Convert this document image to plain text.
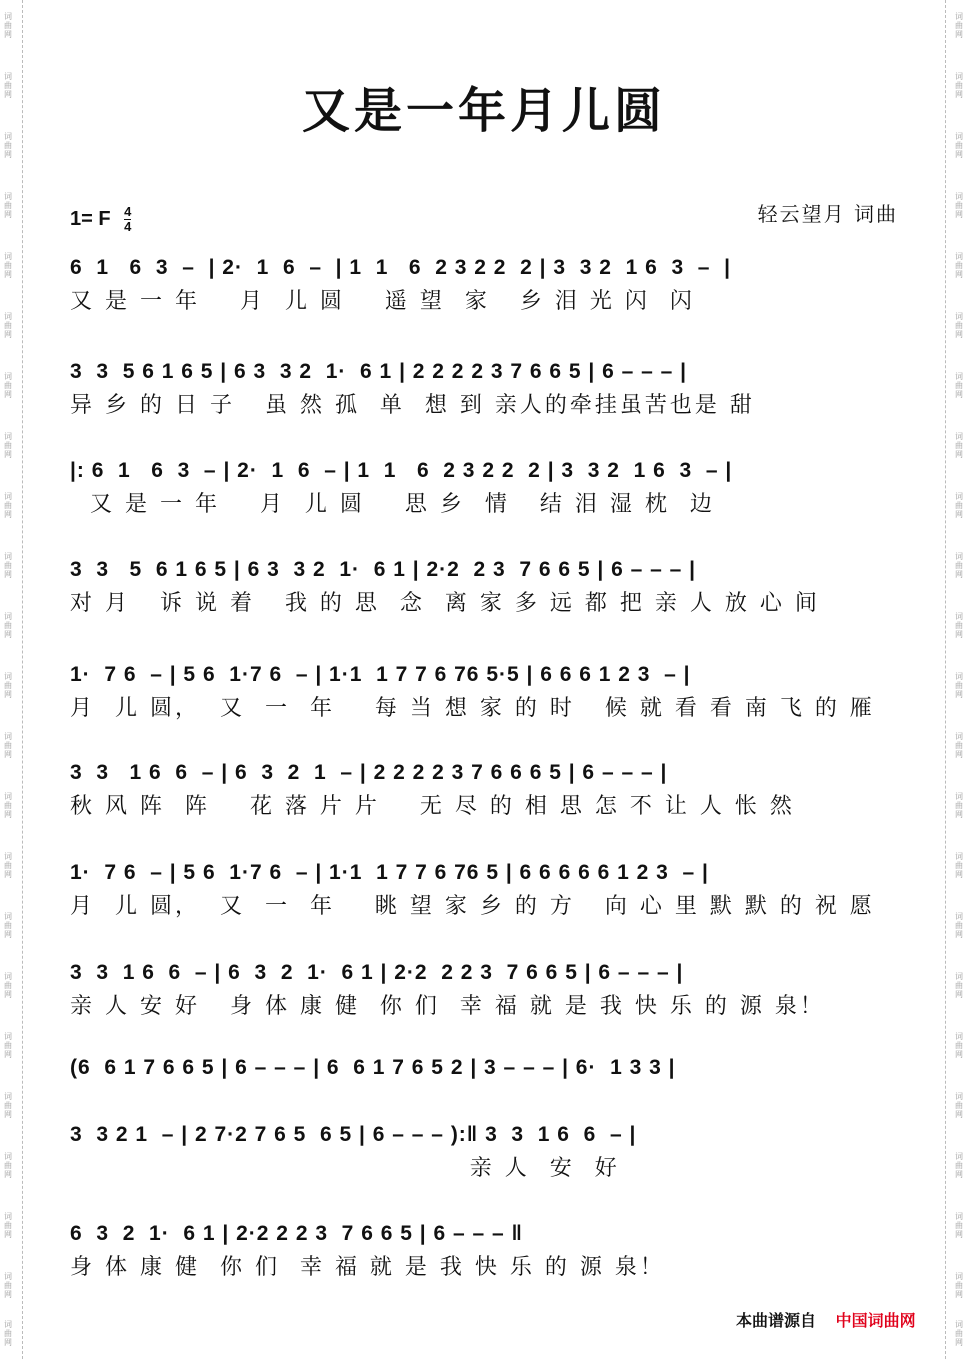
词曲网
词曲网
词曲网
词曲网
词曲网
词曲网
词曲网
词曲网
词曲网
词曲网
词曲网
词曲网
词曲网
词曲网
词曲网
词曲网
词曲网
词曲网
词曲网
词曲网
词曲网
词曲网
词曲网
词曲网
词曲网
词曲网
词曲网
词曲网
词曲网
词曲网
词曲网
词曲网
词曲网
词曲网
词曲网
词曲网
词曲网
词曲网
词曲网
词曲网
词曲网
词曲网
词曲网
词曲网
词曲网
词曲网
又是一年月儿圆
1= F $\frac{4}{4}$	轻云望月 词曲
6  1   6  3  –  | 2·  1  6  –  | 1  1   6  2 3 2 2  2 | 3  3 2  1 6  3  –  |
又 是 一 年    月  儿 圆    遥 望  家   乡 泪 光 闪  闪
3  3  5 6 1 6 5 | 6 3  3 2  1·  6 1 | 2 2 2 2 3 7 6 6 5 | 6 – – – |
异 乡 的 日 子   虽 然 孤  单  想 到 亲人的牵挂虽苦也是 甜
|: 6  1   6  3  – | 2·  1  6  – | 1  1   6  2 3 2 2  2 | 3  3 2  1 6  3  – |
又 是 一 年    月  儿 圆    思 乡  情   结 泪 湿 枕  边
3  3   5  6 1 6 5 | 6 3  3 2  1·  6 1 | 2·2  2 3  7 6 6 5 | 6 – – – |
对 月   诉 说 着   我 的 思  念  离 家 多 远 都 把 亲 人 放 心 间
1·  7 6  – | 5 6  1·7 6  – | 1·1  1 7 7 6 76 5·5 | 6 6 6 1 2 3  – |
月  儿 圆，  又  一  年    每 当 想 家 的 时   候 就 看 看 南 飞 的 雁
3  3   1 6  6  – | 6  3  2  1  – | 2 2 2 2 3 7 6 6 6 5 | 6 – – – |
秋 风 阵  阵    花 落 片 片    无 尽 的 相 思 怎 不 让 人 怅 然
1·  7 6  – | 5 6  1·7 6  – | 1·1  1 7 7 6 76 5 | 6 6 6 6 6 1 2 3  – |
月  儿 圆，  又  一  年    眺 望 家 乡 的 方   向 心 里 默 默 的 祝 愿
3  3  1 6  6  – | 6  3  2  1·  6 1 | 2·2  2 2 3  7 6 6 5 | 6 – – – |
亲 人 安 好   身 体 康 健  你 们  幸 福 就 是 我 快 乐 的 源 泉！
(6  6 1 7 6 6 5 | 6 – – – | 6  6 1 7 6 5 2 | 3 – – – | 6·  1 3 3 |
3  3 2 1  – | 2 7·2 7 6 5  6 5 | 6 – – – ):‖ 3  3  1 6  6  – |
亲 人  安  好
6  3  2  1·  6 1 | 2·2 2 2 3  7 6 6 5 | 6 – – – ‖
身 体 康 健  你 们  幸 福 就 是 我 快 乐 的 源 泉！
本曲谱源自 中国词曲网
